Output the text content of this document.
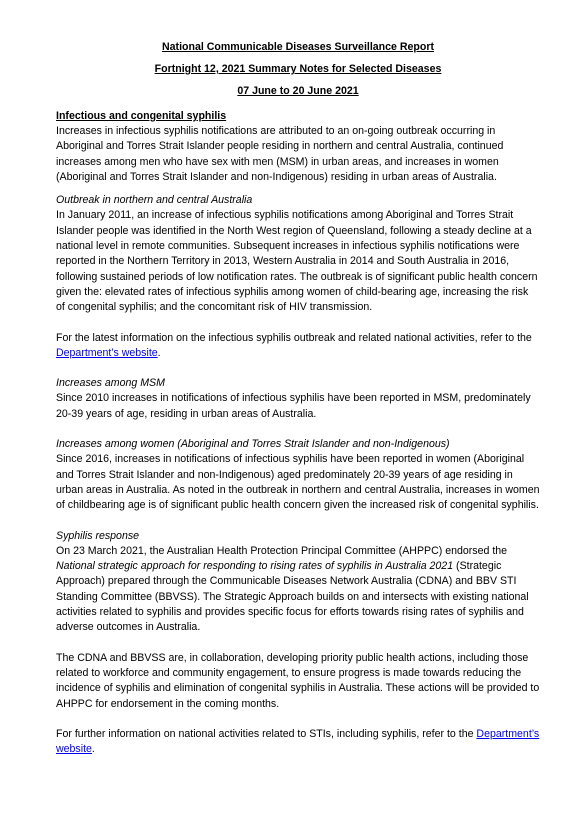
National Communicable Diseases Surveillance Report

Fortnight 12, 2021 Summary Notes for Selected Diseases

07 June to 20 June 2021

Infectious and congenital syphilis

Increases in infectious syphilis notifications are attributed to an on-going outbreak occurring in Aboriginal and Torres Strait Islander people residing in northern and central Australia, continued increases among men who have sex with men (MSM) in urban areas, and increases in women (Aboriginal and Torres Strait Islander and non-Indigenous) residing in urban areas of Australia.

Outbreak in northern and central Australia

In January 2011, an increase of infectious syphilis notifications among Aboriginal and Torres Strait Islander people was identified in the North West region of Queensland, following a steady decline at a national level in remote communities. Subsequent increases in infectious syphilis notifications were reported in the Northern Territory in 2013, Western Australia in 2014 and South Australia in 2016, following sustained periods of low notification rates. The outbreak is of significant public health concern given the: elevated rates of infectious syphilis among women of child-bearing age, increasing the risk of congenital syphilis; and the concomitant risk of HIV transmission.

For the latest information on the infectious syphilis outbreak and related national activities, refer to the Department’s website.

Increases among MSM

Since 2010 increases in notifications of infectious syphilis have been reported in MSM, predominately 20-39 years of age, residing in urban areas of Australia.

Increases among women (Aboriginal and Torres Strait Islander and non-Indigenous)

Since 2016, increases in notifications of infectious syphilis have been reported in women (Aboriginal and Torres Strait Islander and non-Indigenous) aged predominately 20-39 years of age residing in urban areas in Australia. As noted in the outbreak in northern and central Australia, increases in women of childbearing age is of significant public health concern given the increased risk of congenital syphilis.

Syphilis response

On 23 March 2021, the Australian Health Protection Principal Committee (AHPPC) endorsed the National strategic approach for responding to rising rates of syphilis in Australia 2021 (Strategic Approach) prepared through the Communicable Diseases Network Australia (CDNA) and BBV STI Standing Committee (BBVSS). The Strategic Approach builds on and intersects with existing national activities related to syphilis and provides specific focus for efforts towards rising rates of syphilis and adverse outcomes in Australia.

The CDNA and BBVSS are, in collaboration, developing priority public health actions, including those related to workforce and community engagement, to ensure progress is made towards reducing the incidence of syphilis and elimination of congenital syphilis in Australia. These actions will be provided to AHPPC for endorsement in the coming months.

For further information on national activities related to STIs, including syphilis, refer to the Department’s website.
